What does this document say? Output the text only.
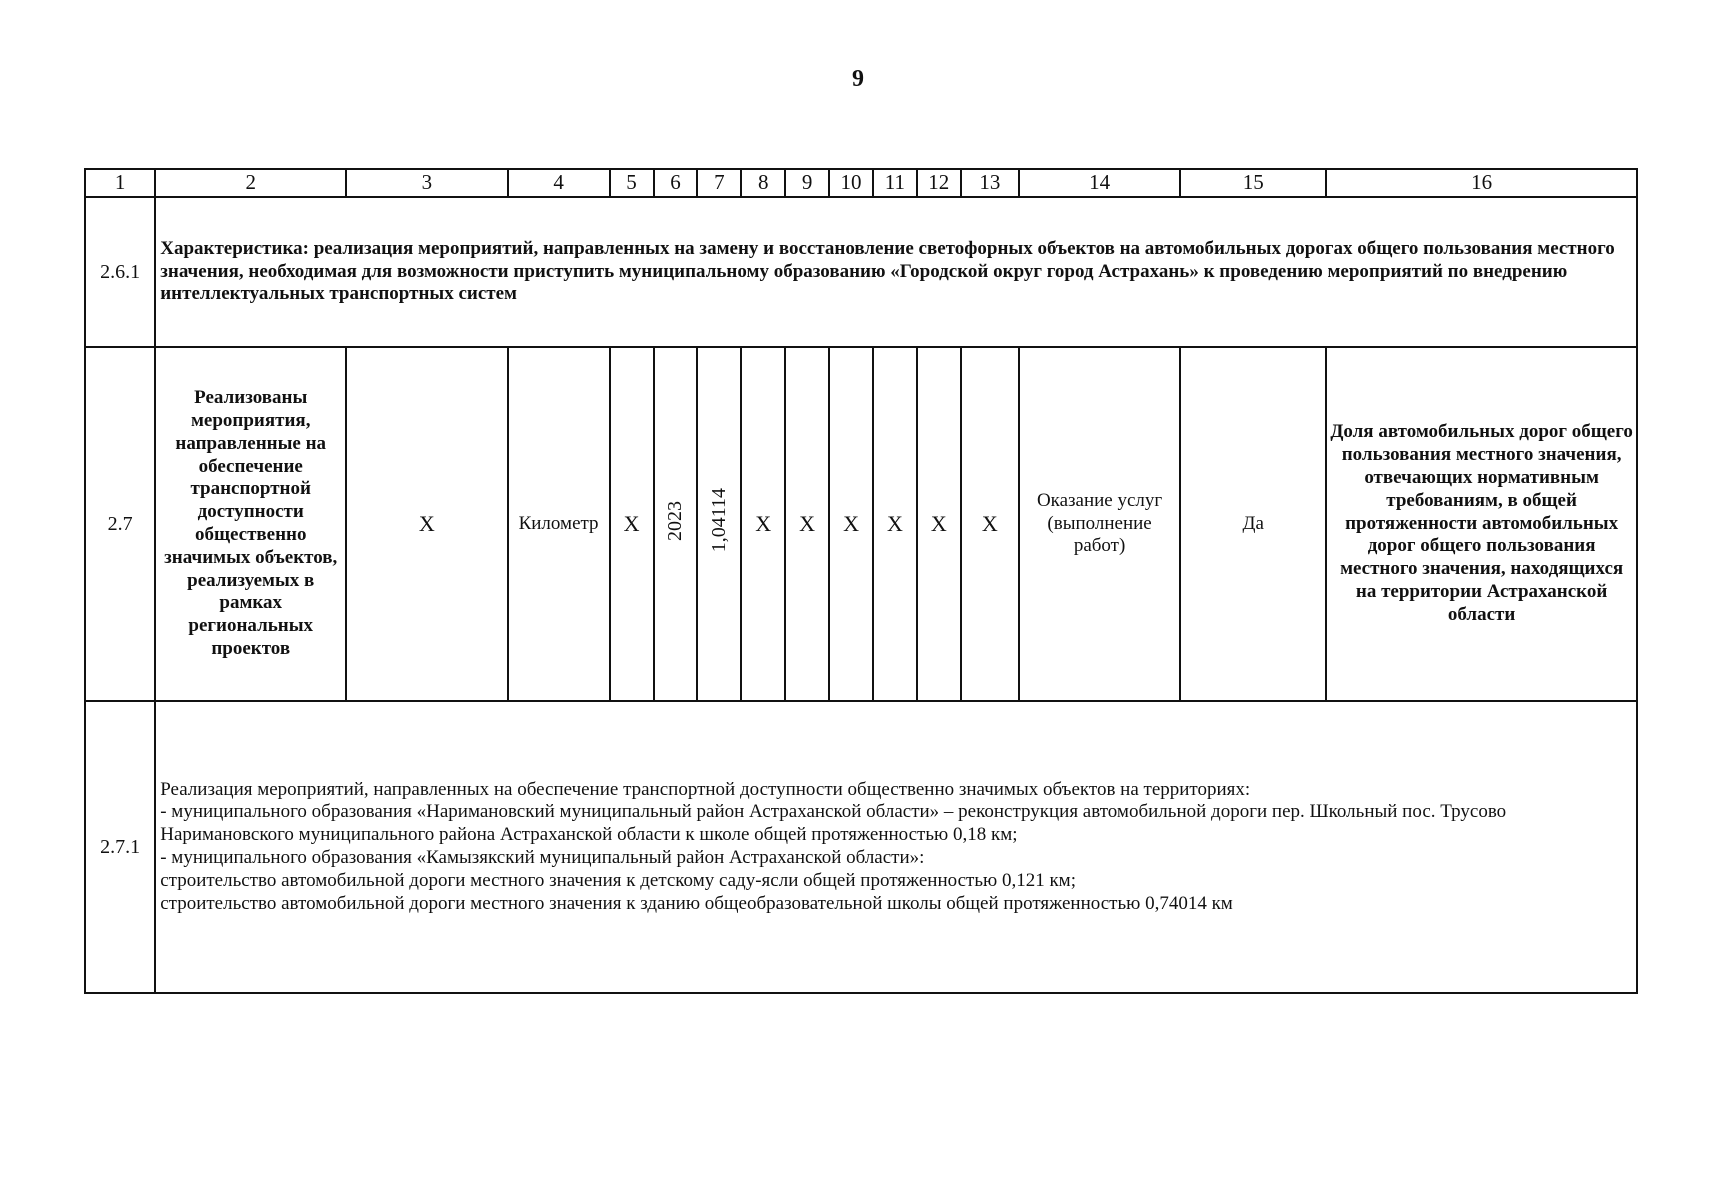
9
1	2	3	4	5	6	7	8	9	10	11	12	13	14	15	16
2.6.1	Характеристика: реализация мероприятий, направленных на замену и восстановление светофорных объектов на автомобильных дорогах общего пользования местного значения, необходимая для возможности приступить муниципальному образованию «Городской округ город Астрахань» к проведению мероприятий по внедрению интеллектуальных транспортных систем														
2.7	Реализованы мероприятия, направленные на обеспечение транспортной доступности общественно значимых объектов, реализуемых в рамках региональных проектов	X	Километр	X	2023	1,04114	X	X	X	X	X	X	Оказание услуг (выполнение работ)	Да	Доля автомобильных дорог общего пользования местного значения, отвечающих нормативным требованиям, в общей протяженности автомобильных дорог общего пользования местного значения, находящихся на территории Астраханской области
2.7.1	Реализация мероприятий, направленных на обеспечение транспортной доступности общественно значимых объектов на территориях:
- муниципального образования «Наримановский муниципальный район Астраханской области» – реконструкция автомобильной дороги пер. Школьный пос. Трусово Наримановского муниципального района Астраханской области к школе общей протяженностью 0,18 км;
- муниципального образования «Камызякский муниципальный район Астраханской области»:
строительство автомобильной дороги местного значения к детскому саду-ясли общей протяженностью 0,121 км;
строительство автомобильной дороги местного значения к зданию общеобразовательной школы общей протяженностью 0,74014 км														
